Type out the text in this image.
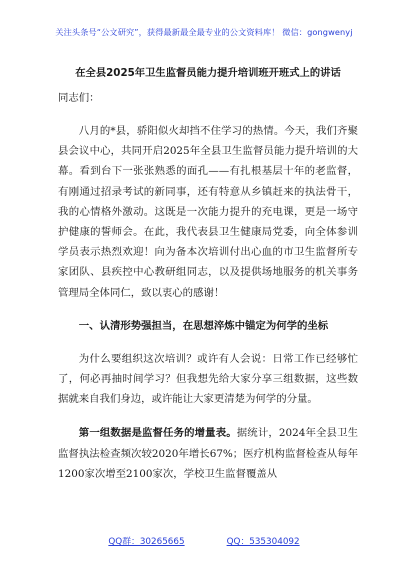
关注头条号“公文研究”，获得最新最全最专业的公文资料库！ 微信：gongwenyj

在全县2025年卫生监督员能力提升培训班开班式上的讲话

同志们：

八月的*县，骄阳似火却挡不住学习的热情。今天，我们齐聚县会议中心，共同开启2025年全县卫生监督员能力提升培训的大幕。看到台下一张张熟悉的面孔——有扎根基层十年的老监督，有刚通过招录考试的新同事，还有特意从乡镇赶来的执法骨干，我的心情格外激动。这既是一次能力提升的充电课，更是一场守护健康的誓师会。在此，我代表县卫生健康局党委，向全体参训学员表示热烈欢迎！向为备本次培训付出心血的市卫生监督所专家团队、县疾控中心教研组同志，以及提供场地服务的机关事务管理局全体同仁，致以衷心的感谢！

一、认清形势强担当，在思想淬炼中锚定为何学的坐标

为什么要组织这次培训？或许有人会说：日常工作已经够忙了，何必再抽时间学习？但我想先给大家分享三组数据，这些数据就来自我们身边，或许能让大家更清楚为何学的分量。

第一组数据是监督任务的增量表。据统计，2024年全县卫生监督执法检查频次较2020年增长67%；医疗机构监督检查从每年1200家次增至2100家次，学校卫生监督覆盖从

QQ群：30265665	QQ：535304092
